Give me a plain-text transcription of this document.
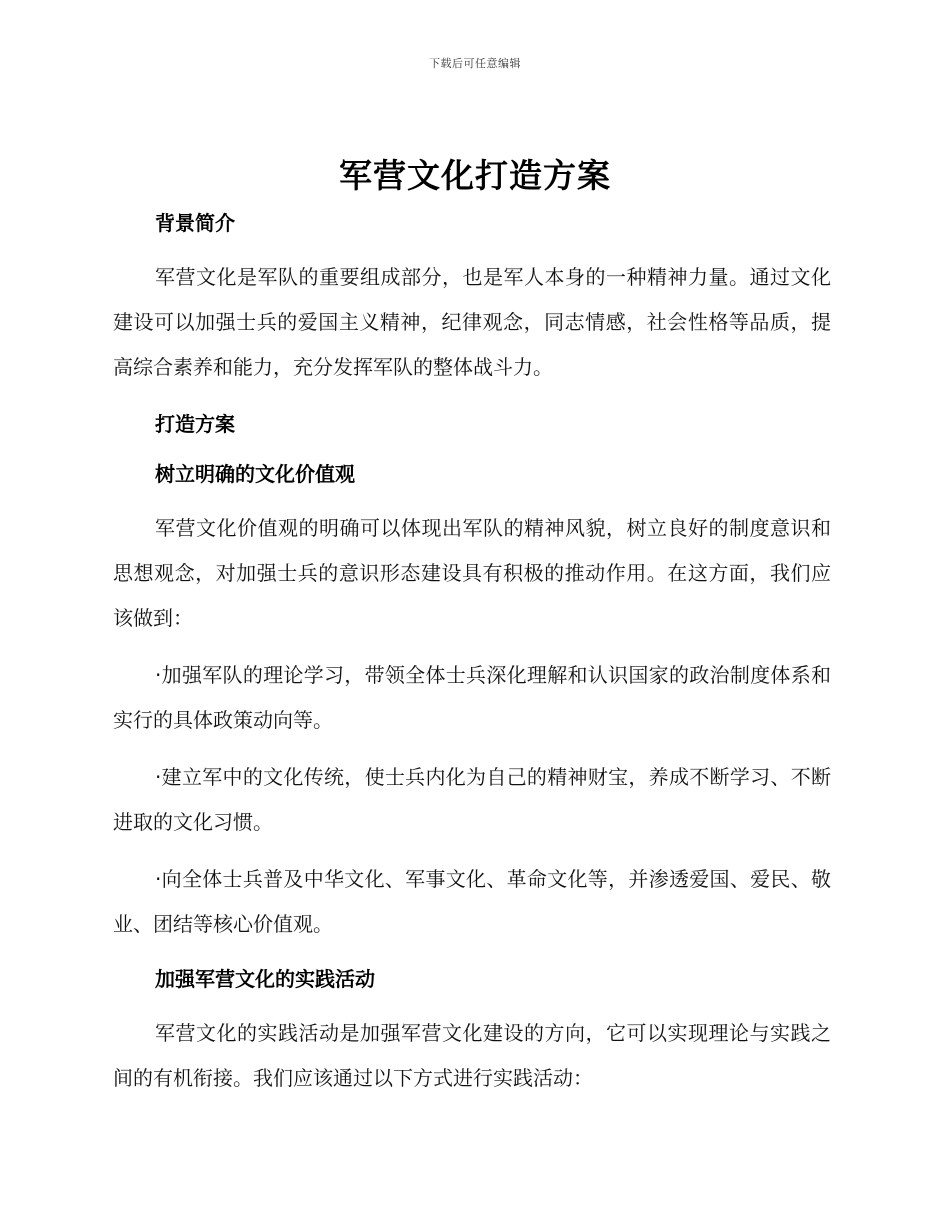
下载后可任意编辑
军营文化打造方案
背景简介

军营文化是军队的重要组成部分，也是军人本身的一种精神力量。通过文化建设可以加强士兵的爱国主义精神，纪律观念，同志情感，社会性格等品质，提高综合素养和能力，充分发挥军队的整体战斗力。

打造方案
树立明确的文化价值观

军营文化价值观的明确可以体现出军队的精神风貌，树立良好的制度意识和思想观念，对加强士兵的意识形态建设具有积极的推动作用。在这方面，我们应该做到：

·加强军队的理论学习，带领全体士兵深化理解和认识国家的政治制度体系和实行的具体政策动向等。

·建立军中的文化传统，使士兵内化为自己的精神财宝，养成不断学习、不断进取的文化习惯。

·向全体士兵普及中华文化、军事文化、革命文化等，并渗透爱国、爱民、敬业、团结等核心价值观。

加强军营文化的实践活动

军营文化的实践活动是加强军营文化建设的方向，它可以实现理论与实践之间的有机衔接。我们应该通过以下方式进行实践活动：
